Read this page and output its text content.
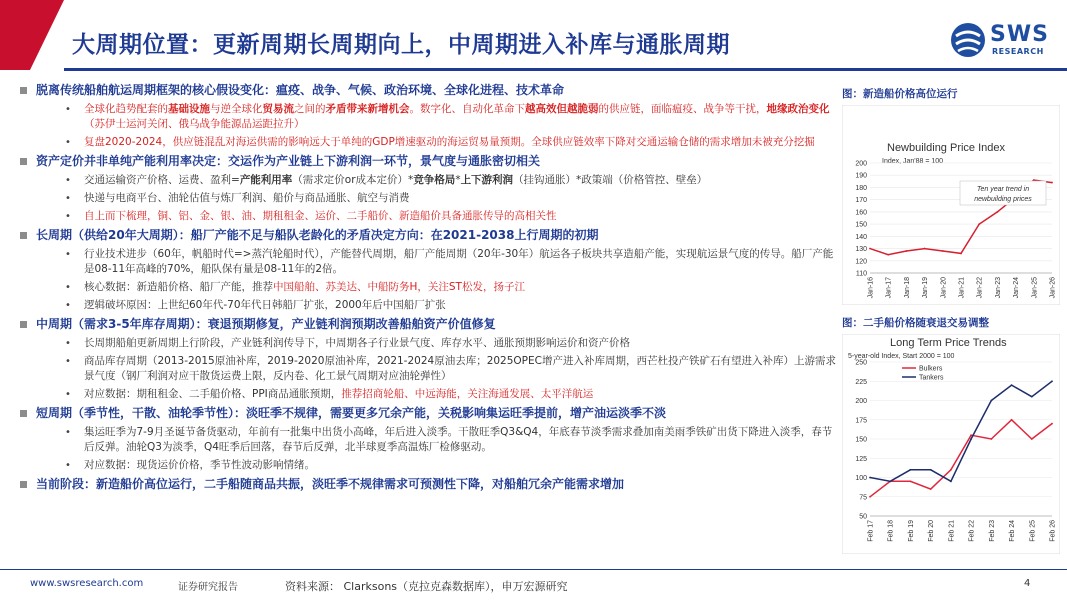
大周期位置：更新周期长周期向上，中周期进入补库与通胀周期	SWS
RESEARCH
脱离传统船舶航运周期框架的核心假设变化：瘟疫、战争、气候、政治环境、全球化进程、技术革命
• 全球化趋势配套的基础设施与逆全球化贸易流之间的矛盾带来新增机会。数字化、自动化革命下越高效但越脆弱的供应链，面临瘟疫、战争等干扰，地缘政治变化（苏伊士运河关闭、俄乌战争能源品运距拉升）
• 复盘2020-2024，供应链混乱对海运供需的影响远大于单纯的GDP增速驱动的海运贸易量预期。全球供应链效率下降对交通运输仓储的需求增加未被充分挖掘
资产定价并非单纯产能利用率决定：交运作为产业链上下游利润一环节，景气度与通胀密切相关
• 交通运输资产价格、运费、盈利=产能利用率（需求定价or成本定价）*竞争格局*上下游利润（挂钩通胀）*政策端（价格管控、壁垒）
• 快递与电商平台、油轮估值与炼厂利润、船价与商品通胀、航空与消费
• 自上而下梳理，铜、铝、金、银、油、期租租金、运价、二手船价、新造船价具备通胀传导的高相关性
长周期（供给20年大周期）：船厂产能不足与船队老龄化的矛盾决定方向：在2021-2038上行周期的初期
• 行业技术进步（60年，帆船时代=>蒸汽轮船时代），产能替代周期，船厂产能周期（20年-30年）航运各子板块共享造船产能，实现航运景气度的传导。船厂产能是08-11年高峰的70%，船队保有量是08-11年的2倍。
• 核心数据：新造船价格、船厂产能，推荐中国船舶、苏美达、中船防务H，关注ST松发，扬子江
• 逻辑破坏原因：上世纪60年代-70年代日韩船厂扩张，2000年后中国船厂扩张
中周期（需求3-5年库存周期）：衰退预期修复，产业链利润预期改善船舶资产价值修复
• 长周期船舶更新周期上行阶段，产业链利润传导下，中周期各子行业景气度、库存水平、通胀预期影响运价和资产价格
• 商品库存周期（2013-2015原油补库，2019-2020原油补库，2021-2024原油去库；2025OPEC增产进入补库周期，西芒杜投产铁矿石有望进入补库）上游需求景气度（钢厂利润对应干散货运费上限，反内卷、化工景气周期对应油轮弹性）
• 对应数据：期租租金、二手船价格、PPI商品通胀预期，推荐招商轮船、中远海能，关注海通发展、太平洋航运
短周期（季节性，干散、油轮季节性）：淡旺季不规律，需要更多冗余产能，关税影响集运旺季提前，增产油运淡季不淡
• 集运旺季为7-9月圣诞节备货驱动，年前有一批集中出货小高峰，年后进入淡季。干散旺季Q3&Q4，年底春节淡季需求叠加南美雨季铁矿出货下降进入淡季，春节后反弹。油轮Q3为淡季，Q4旺季后回落，春节后反弹，北半球夏季高温炼厂检修驱动。
• 对应数据：现货运价价格，季节性波动影响情绪。
当前阶段：新造船价高位运行，二手船随商品共振，淡旺季不规律需求可预测性下降，对船舶冗余产能需求增加
图：新造船价格高位运行
Newbuilding Price Index
Index, Jan'88 = 100
110
120
130
140
150
160
170
180
190
200
Jan-16 Jan-17 Jan-18 Jan-19 Jan-20 Jan-21 Jan-22 Jan-23 Jan-24 Jan-25 Jan-26
Ten year trend in
newbuilding prices
图：二手船价格随衰退交易调整
Long Term Price Trends
5-year-old Index, Start 2000 = 100
50
75
100
125
150
175
200
225
250
Feb 17 Feb 18 Feb 19 Feb 20 Feb 21 Feb 22 Feb 23 Feb 24 Feb 25 Feb 26
Bulkers
Tankers
www.swsresearch.com	证券研究报告	资料来源： Clarksons（克拉克森数据库），申万宏源研究	4
